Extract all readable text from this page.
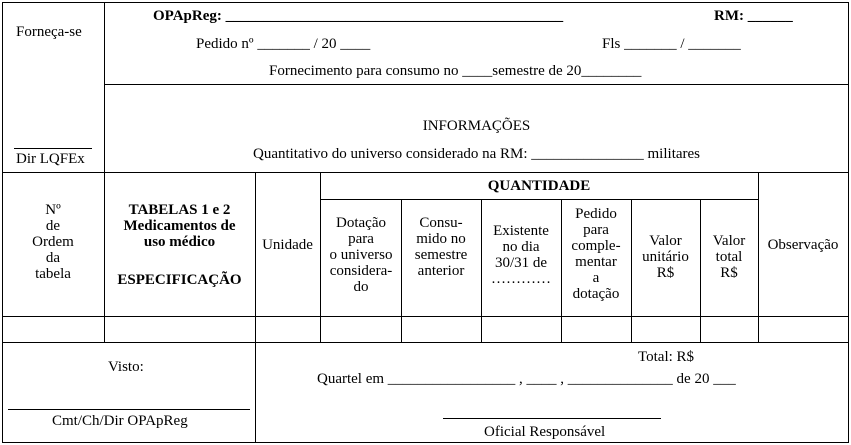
Forneça-se
Dir LQFEx
OPApReg: _____________________________________________	RM: ______
Pedido nº _______ / 20 ____	Fls _______ / _______
Fornecimento para consumo no ____semestre de 20________
INFORMAÇÕES
Quantitativo do universo considerado na RM: _______________ militares
Nº
de
Ordem
da
tabela
TABELAS 1 e 2
Medicamentos de
uso médico
ESPECIFICAÇÃO
Unidade
QUANTIDADE
Dotação
para
o universo
considera-
do
Consu-
mido no
semestre
anterior
Existente
no dia
30/31 de
…………
Pedido
para
comple-
mentar
a
dotação
Valor
unitário
R$
Valor
total
R$
Observação
Visto:
Cmt/Ch/Dir OPApReg
Total: R$
Quartel em _________________ , ____ , ______________ de 20 ___
Oficial Responsável
